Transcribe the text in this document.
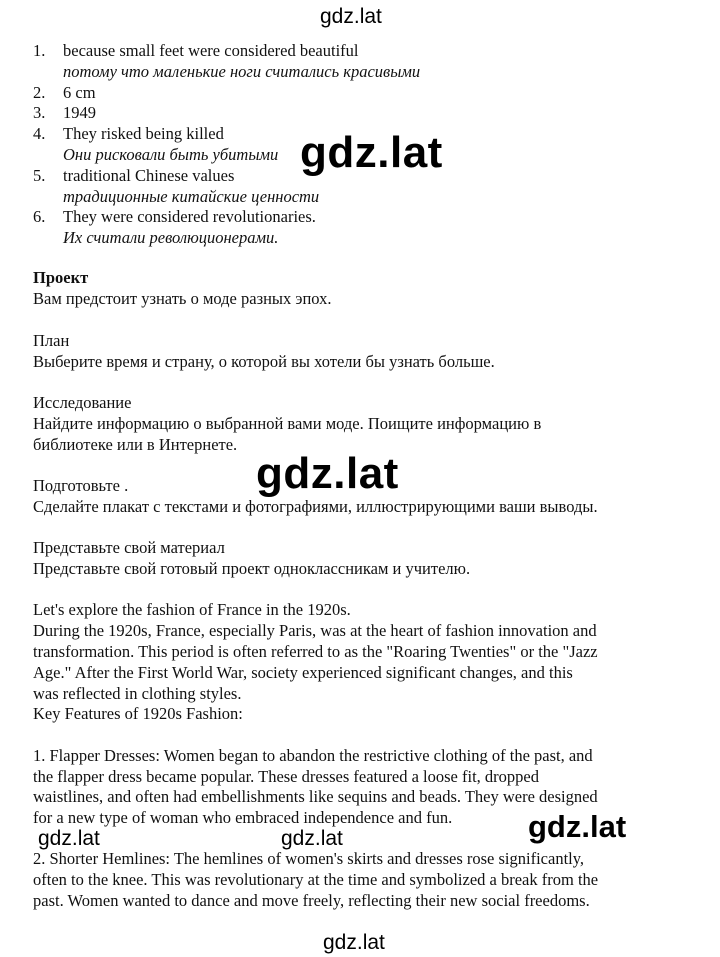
gdz.lat
1. because small feet were considered beautiful
потому что маленькие ноги считались красивыми
2. 6 cm
3. 1949
4. They risked being killed
Они рисковали быть убитыми
5. traditional Chinese values
традиционные китайские ценности
6. They were considered revolutionaries.
Их считали революционерами.
gdz.lat
Проект
Вам предстоит узнать о моде разных эпох.
План
Выберите время и страну, о которой вы хотели бы узнать больше.
Исследование
Найдите информацию о выбранной вами моде. Поищите информацию в
библиотеке или в Интернете.
gdz.lat
Подготовьте .
Сделайте плакат с текстами и фотографиями, иллюстрирующими ваши выводы.
Представьте свой материал
Представьте свой готовый проект одноклассникам и учителю.
Let's explore the fashion of France in the 1920s.
During the 1920s, France, especially Paris, was at the heart of fashion innovation and
transformation. This period is often referred to as the "Roaring Twenties" or the "Jazz
Age." After the First World War, society experienced significant changes, and this
was reflected in clothing styles.
Key Features of 1920s Fashion:
1. Flapper Dresses: Women began to abandon the restrictive clothing of the past, and
the flapper dress became popular. These dresses featured a loose fit, dropped
waistlines, and often had embellishments like sequins and beads. They were designed
for a new type of woman who embraced independence and fun.
gdz.lat	gdz.lat	gdz.lat
2. Shorter Hemlines: The hemlines of women's skirts and dresses rose significantly,
often to the knee. This was revolutionary at the time and symbolized a break from the
past. Women wanted to dance and move freely, reflecting their new social freedoms.
gdz.lat
